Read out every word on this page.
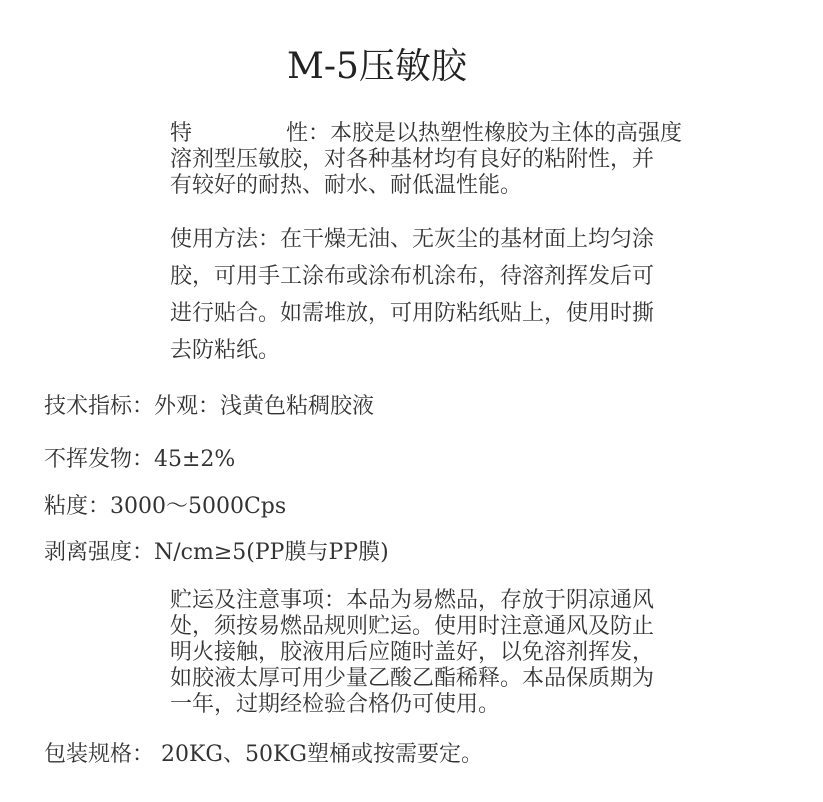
M-5压敏胶
特	性：本胶是以热塑性橡胶为主体的高强度
溶剂型压敏胶，对各种基材均有良好的粘附性，并
有较好的耐热、耐水、耐低温性能。
使用方法：在干燥无油、无灰尘的基材面上均匀涂
胶，可用手工涂布或涂布机涂布，待溶剂挥发后可
进行贴合。如需堆放，可用防粘纸贴上，使用时撕
去防粘纸。
技术指标：外观：浅黄色粘稠胶液
不挥发物：45±2%
粘度：3000～5000Cps
剥离强度：N/cm≥5(PP膜与PP膜)
贮运及注意事项：本品为易燃品，存放于阴凉通风
处，须按易燃品规则贮运。使用时注意通风及防止
明火接触，胶液用后应随时盖好，以免溶剂挥发，
如胶液太厚可用少量乙酸乙酯稀释。本品保质期为
一年，过期经检验合格仍可使用。
包装规格： 20KG、50KG塑桶或按需要定。
